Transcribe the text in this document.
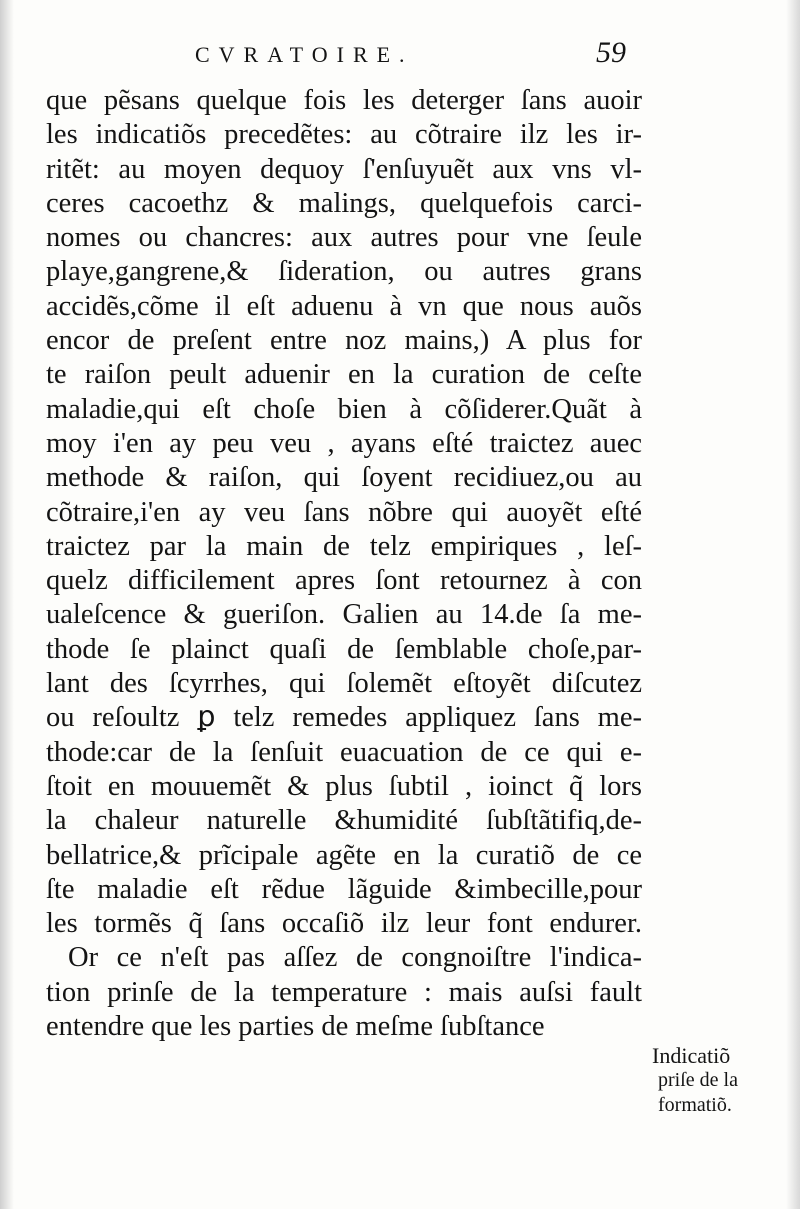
CVRATOIRE.	59
que pẽsans quelque fois les deterger ſans auoir
les indicatiõs precedẽtes: au cõtraire ilz les ir-
ritẽt: au moyen dequoy ſ'enſuyuẽt aux vns vl-
ceres cacoethz & malings, quelquefois carci-
nomes ou chancres: aux autres pour vne ſeule
playe,gangrene,& ſideration, ou autres grans
accidẽs,cõme il eſt aduenu à vn que nous auõs
encor de preſent entre noz mains,) A plus for
te raiſon peult aduenir en la curation de ceſte
maladie,qui eſt choſe bien à cõſiderer.Quãt à
moy i'en ay peu veu , ayans eſté traictez auec
methode & raiſon, qui ſoyent recidiuez,ou au
cõtraire,i'en ay veu ſans nõbre qui auoyẽt eſté
traictez par la main de telz empiriques , leſ-
quelz difficilement apres ſont retournez à con
ualeſcence & gueriſon. Galien au 14.de ſa me-
thode ſe plainct quaſi de ſemblable choſe,par-
lant des ſcyrrhes, qui ſolemẽt eſtoyẽt diſcutez
ou reſoultz ꝑ telz remedes appliquez ſans me-
thode:car de la ſenſuit euacuation de ce qui e-
ſtoit en mouuemẽt & plus ſubtil , ioinct q̃ lors
la chaleur naturelle &humidité ſubſtãtifiq,de-
bellatrice,& prĩcipale agẽte en la curatiõ de ce
ſte maladie eſt rẽdue lãguide &imbecille,pour
les tormẽs q̃ ſans occaſiõ ilz leur font endurer.
Or ce n'eſt pas aſſez de congnoiſtre l'indica-
tion prinſe de la temperature : mais auſsi fault
entendre que les parties de meſme ſubſtance
Indicatiõ
priſe de la
formatiõ.
